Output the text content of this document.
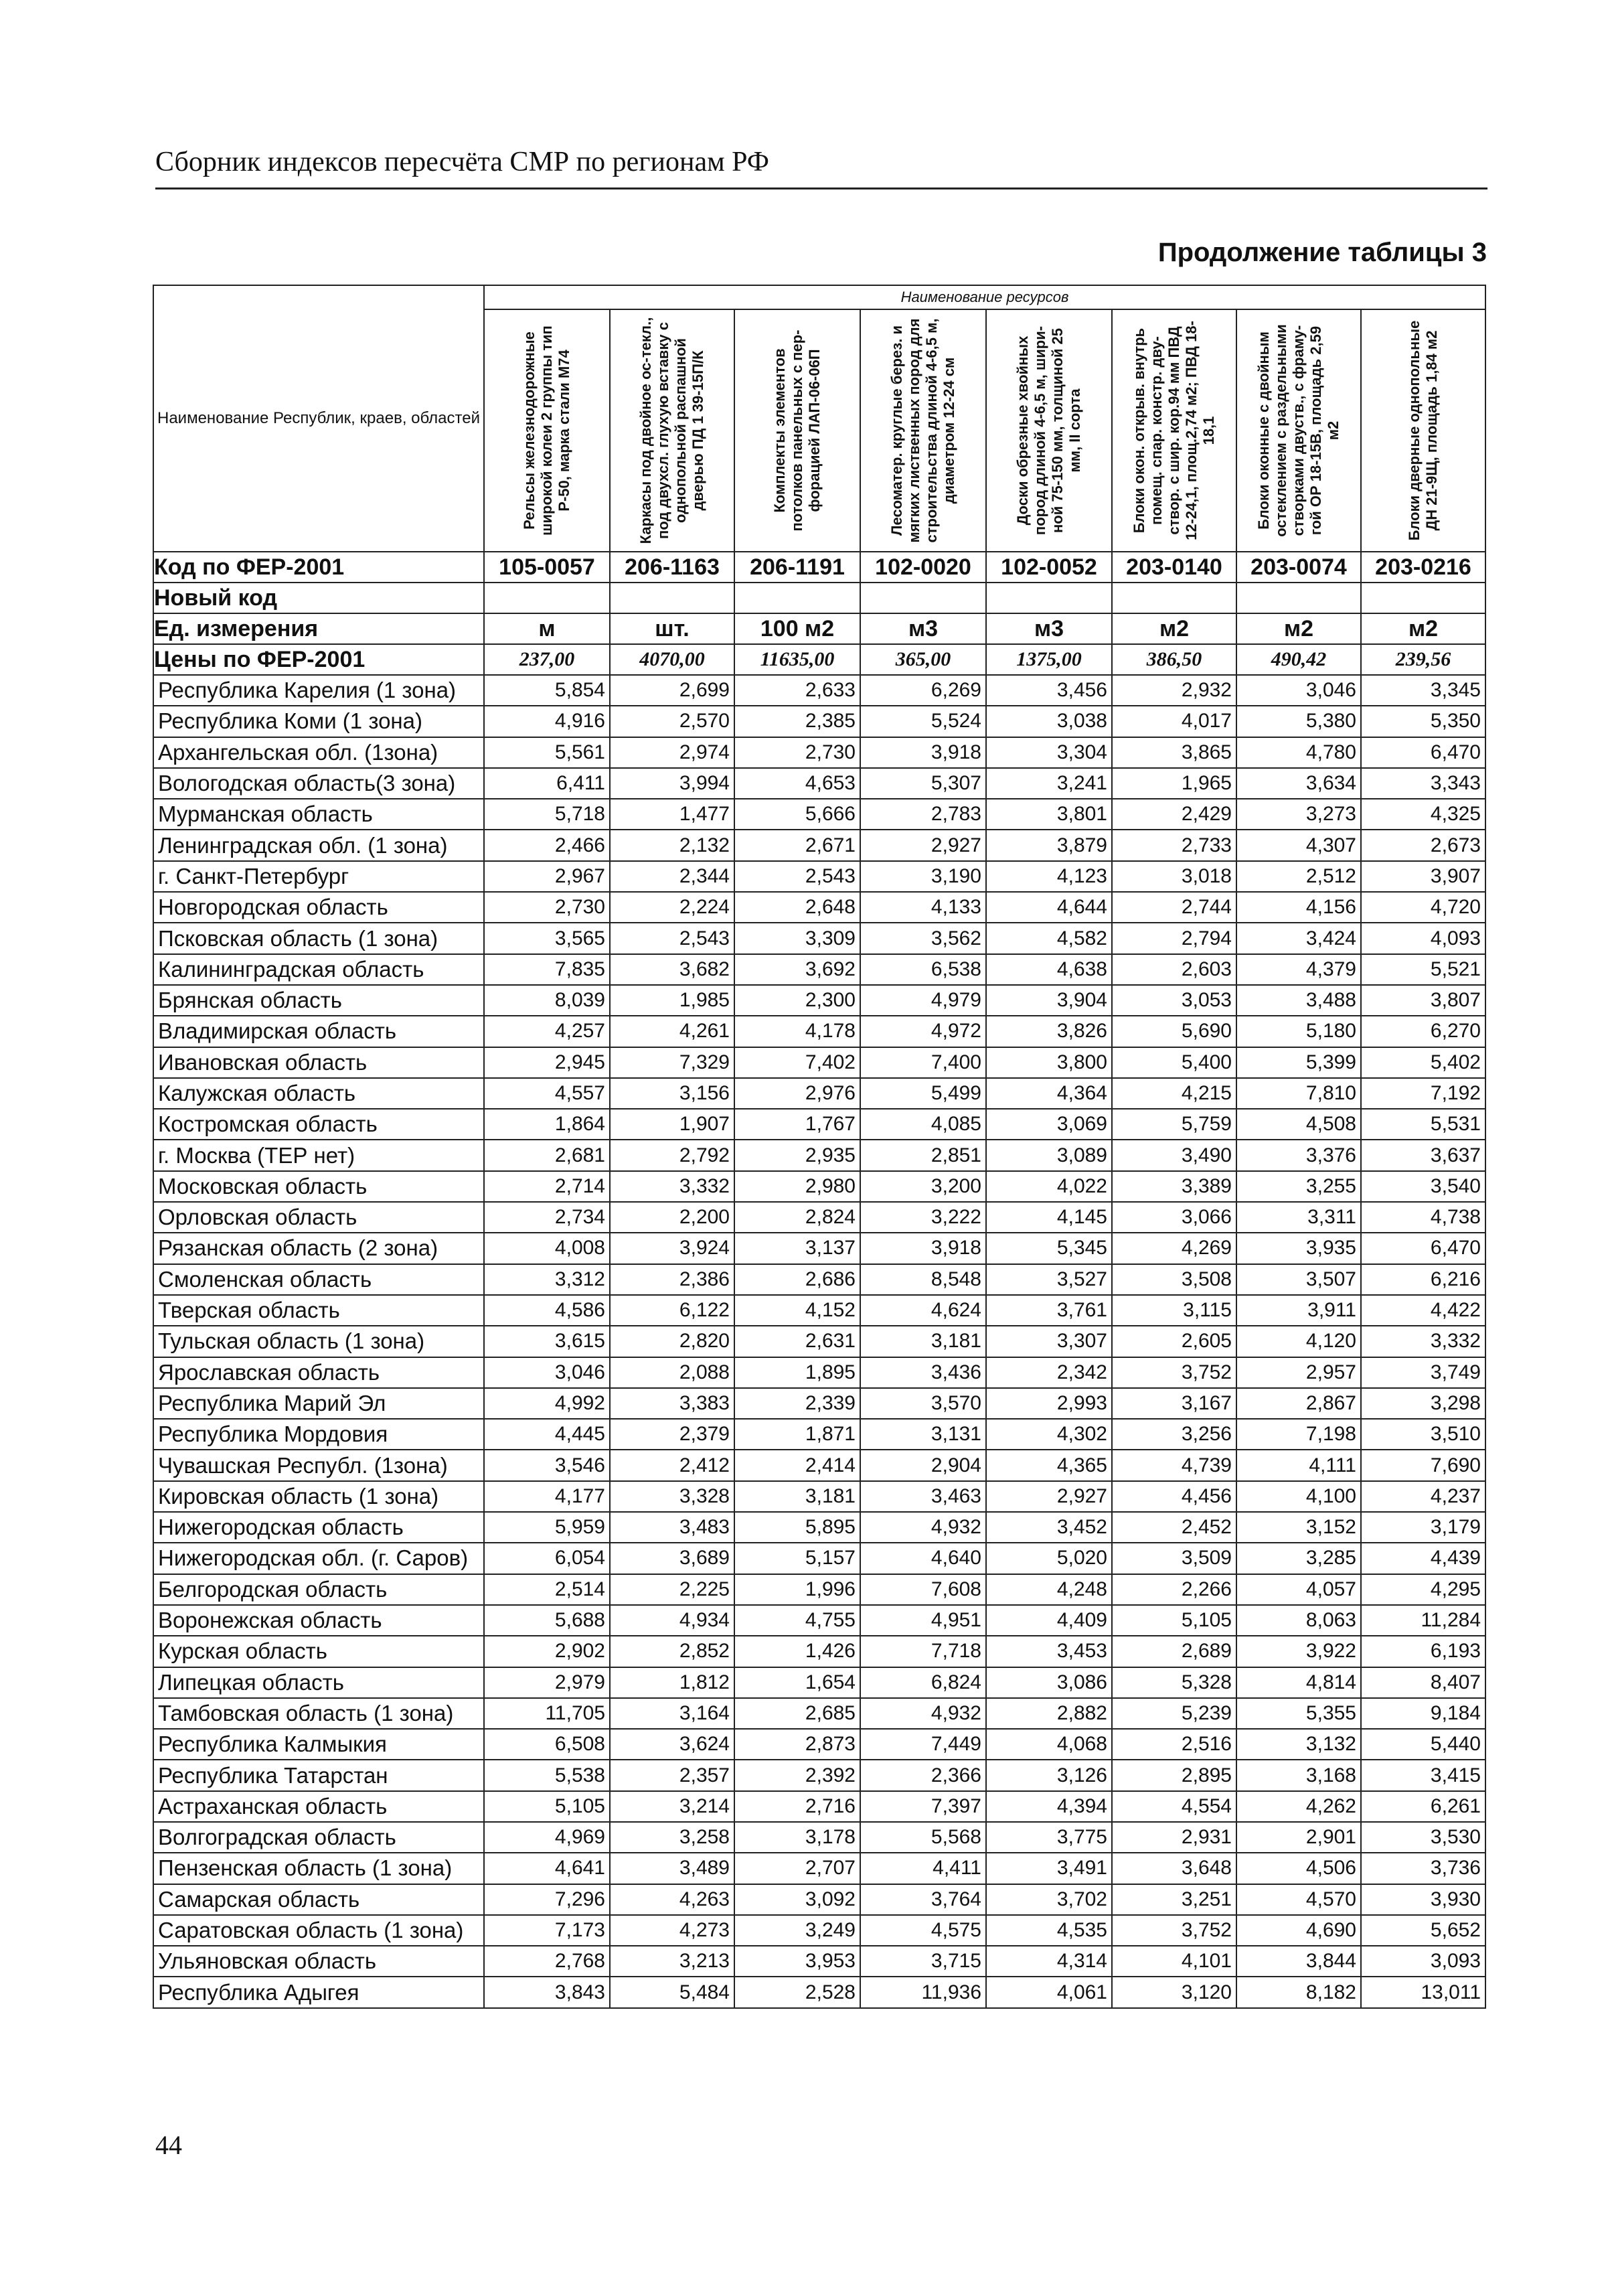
Сборник индексов пересчёта СМР по регионам РФ
Продолжение таблицы 3
Наименование Республик, краев, областей	Наименование ресурсов							

	Рельсы железнодорожные широкой колеи 2 группы тип Р-50, марка стали М74	Каркасы под двойное ос-текл., под двухсл. глухую вставку с однопольной распашной дверью ПД 1 39-15П/К	Комплекты элементов потолков панельных с пер-форацией ЛАП-06-06П	Лесоматер. круглые берез. и мягких лиственных пород для строительства длиной 4-6,5 м, диаметром 12-24 см	Доски обрезные хвойных пород длиной 4-6,5 м, шири-ной 75-150 мм, толщиной 25 мм, II сорта	Блоки окон. открыв. внутрь помещ. спар. констр. дву-створ. с шир. кор.94 мм ПВД 12-24,1, площ.2,74 м2; ПВД 18-18,1	Блоки оконные с двойным остеклением с раздельными створками двуств., с фраму-гой ОР 18-15В, площадь 2,59 м2	Блоки дверные однопольные ДН 21-9Щ, площадь 1,84 м2

Код по ФЕР-2001	105-0057	206-1163	206-1191	102-0020	102-0052	203-0140	203-0074	203-0216
Новый код								
Ед. измерения	м	шт.	100 м2	м3	м3	м2	м2	м2
Цены по ФЕР-2001	237,00	4070,00	11635,00	365,00	1375,00	386,50	490,42	239,56
Республика Карелия (1 зона)	5,854	2,699	2,633	6,269	3,456	2,932	3,046	3,345
Республика Коми (1 зона)	4,916	2,570	2,385	5,524	3,038	4,017	5,380	5,350
Архангельская обл. (1зона)	5,561	2,974	2,730	3,918	3,304	3,865	4,780	6,470
Вологодская область(3 зона)	6,411	3,994	4,653	5,307	3,241	1,965	3,634	3,343
Мурманская область	5,718	1,477	5,666	2,783	3,801	2,429	3,273	4,325
Ленинградская обл. (1 зона)	2,466	2,132	2,671	2,927	3,879	2,733	4,307	2,673
г. Санкт-Петербург	2,967	2,344	2,543	3,190	4,123	3,018	2,512	3,907
Новгородская область	2,730	2,224	2,648	4,133	4,644	2,744	4,156	4,720
Псковская область (1 зона)	3,565	2,543	3,309	3,562	4,582	2,794	3,424	4,093
Калининградская область	7,835	3,682	3,692	6,538	4,638	2,603	4,379	5,521
Брянская область	8,039	1,985	2,300	4,979	3,904	3,053	3,488	3,807
Владимирская область	4,257	4,261	4,178	4,972	3,826	5,690	5,180	6,270
Ивановская область	2,945	7,329	7,402	7,400	3,800	5,400	5,399	5,402
Калужская область	4,557	3,156	2,976	5,499	4,364	4,215	7,810	7,192
Костромская область	1,864	1,907	1,767	4,085	3,069	5,759	4,508	5,531
г. Москва (ТЕР нет)	2,681	2,792	2,935	2,851	3,089	3,490	3,376	3,637
Московская область	2,714	3,332	2,980	3,200	4,022	3,389	3,255	3,540
Орловская область	2,734	2,200	2,824	3,222	4,145	3,066	3,311	4,738
Рязанская область (2 зона)	4,008	3,924	3,137	3,918	5,345	4,269	3,935	6,470
Смоленская область	3,312	2,386	2,686	8,548	3,527	3,508	3,507	6,216
Тверская область	4,586	6,122	4,152	4,624	3,761	3,115	3,911	4,422
Тульская область (1 зона)	3,615	2,820	2,631	3,181	3,307	2,605	4,120	3,332
Ярославская область	3,046	2,088	1,895	3,436	2,342	3,752	2,957	3,749
Республика Марий Эл	4,992	3,383	2,339	3,570	2,993	3,167	2,867	3,298
Республика Мордовия	4,445	2,379	1,871	3,131	4,302	3,256	7,198	3,510
Чувашская Республ. (1зона)	3,546	2,412	2,414	2,904	4,365	4,739	4,111	7,690
Кировская область (1 зона)	4,177	3,328	3,181	3,463	2,927	4,456	4,100	4,237
Нижегородская область	5,959	3,483	5,895	4,932	3,452	2,452	3,152	3,179
Нижегородская обл. (г. Саров)	6,054	3,689	5,157	4,640	5,020	3,509	3,285	4,439
Белгородская область	2,514	2,225	1,996	7,608	4,248	2,266	4,057	4,295
Воронежская область	5,688	4,934	4,755	4,951	4,409	5,105	8,063	11,284
Курская область	2,902	2,852	1,426	7,718	3,453	2,689	3,922	6,193
Липецкая область	2,979	1,812	1,654	6,824	3,086	5,328	4,814	8,407
Тамбовская область (1 зона)	11,705	3,164	2,685	4,932	2,882	5,239	5,355	9,184
Республика Калмыкия	6,508	3,624	2,873	7,449	4,068	2,516	3,132	5,440
Республика Татарстан	5,538	2,357	2,392	2,366	3,126	2,895	3,168	3,415
Астраханская область	5,105	3,214	2,716	7,397	4,394	4,554	4,262	6,261
Волгоградская область	4,969	3,258	3,178	5,568	3,775	2,931	2,901	3,530
Пензенская область (1 зона)	4,641	3,489	2,707	4,411	3,491	3,648	4,506	3,736
Самарская область	7,296	4,263	3,092	3,764	3,702	3,251	4,570	3,930
Саратовская область (1 зона)	7,173	4,273	3,249	4,575	4,535	3,752	4,690	5,652
Ульяновская область	2,768	3,213	3,953	3,715	4,314	4,101	3,844	3,093
Республика Адыгея	3,843	5,484	2,528	11,936	4,061	3,120	8,182	13,011
44
